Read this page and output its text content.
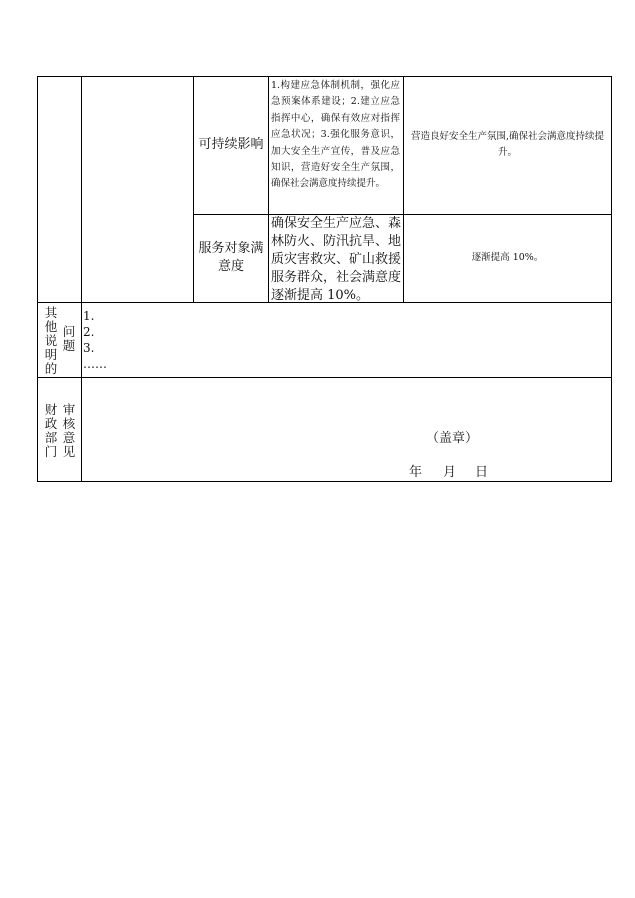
可持续影响
1.构建应急体制机制，强化应急预案体系建设；2.建立应急指挥中心，确保有效应对指挥应急状况；3.强化服务意识，加大安全生产宣传，普及应急知识，营造好安全生产氛围，确保社会满意度持续提升。
营造良好安全生产氛围,确保社会满意度持续提升。
服务对象满意度
确保安全生产应急、森林防火、防汛抗旱、地质灾害救灾、矿山救援服务群众，社会满意度逐渐提高 10%。
逐渐提高 10%。
其
他
说
明
的
问
题
1.
2.
3.
……
财
政
部
门
审
核
意
见
（盖章）
年 月 日
